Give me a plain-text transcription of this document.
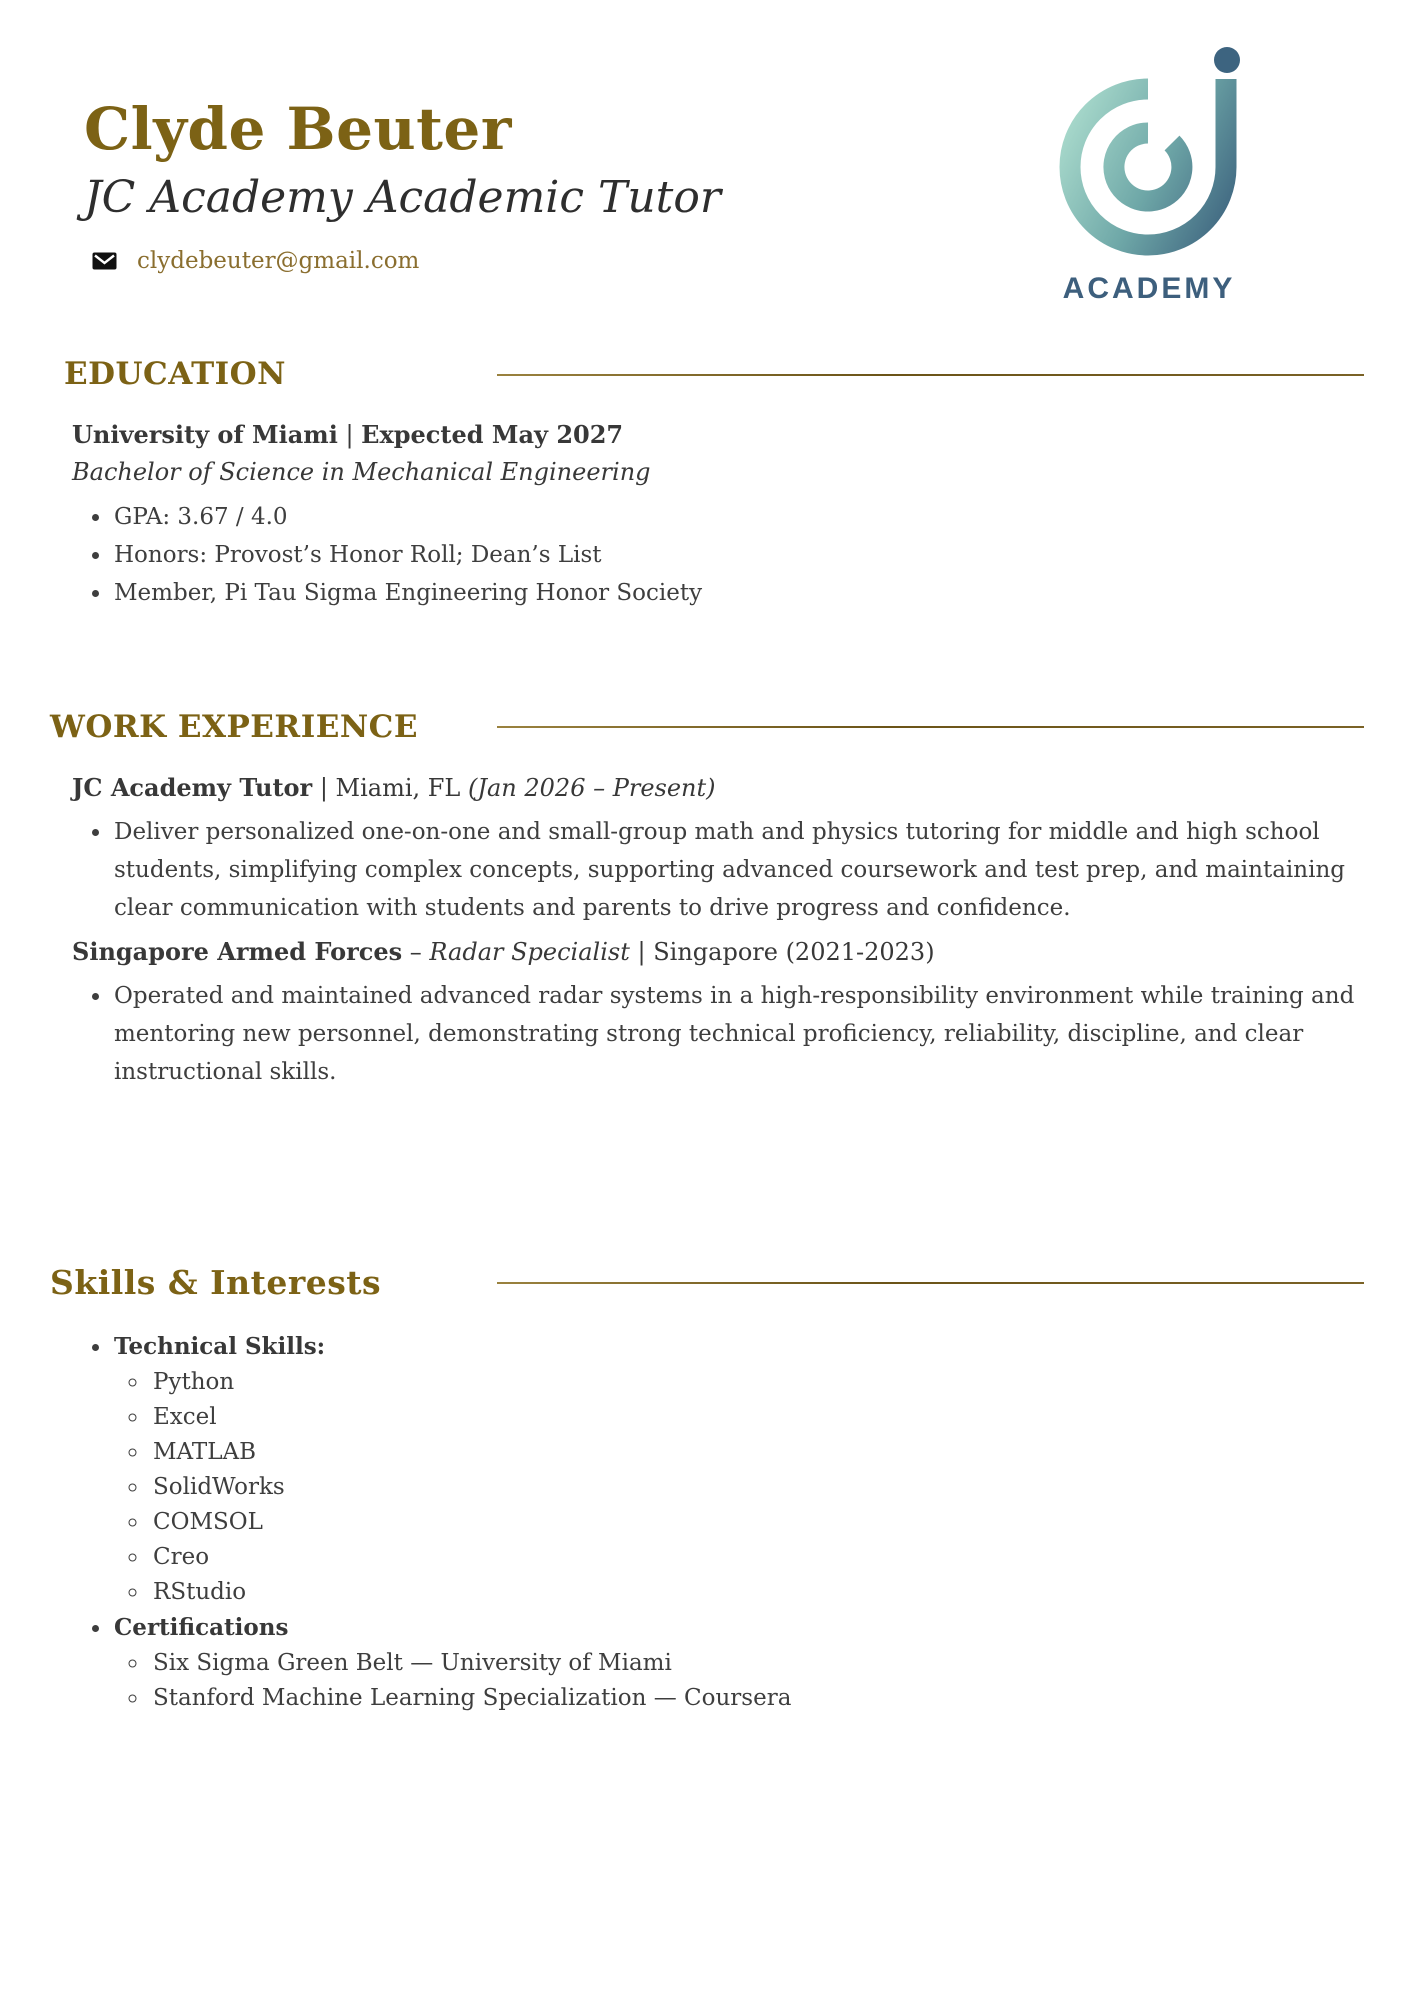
Clyde Beuter
JC Academy Academic Tutor
clydebeuter@gmail.com
ACADEMY
EDUCATION

University of Miami | Expected May 2027

Bachelor of Science in Mechanical Engineering

• GPA: 3.67 / 4.0
• Honors: Provost’s Honor Roll; Dean’s List
• Member, Pi Tau Sigma Engineering Honor Society
WORK EXPERIENCE

JC Academy Tutor | Miami, FL (Jan 2026 – Present)

• Deliver personalized one-on-one and small-group math and physics tutoring for middle and high school students, simplifying complex concepts, supporting advanced coursework and test prep, and maintaining clear communication with students and parents to drive progress and confidence.

Singapore Armed Forces – Radar Specialist | Singapore (2021-2023)

• Operated and maintained advanced radar systems in a high-responsibility environment while training and mentoring new personnel, demonstrating strong technical proficiency, reliability, discipline, and clear instructional skills.
Skills & Interests
• Technical Skills:
◦ Python
◦ Excel
◦ MATLAB
◦ SolidWorks
◦ COMSOL
◦ Creo
◦ RStudio
• Certifications
◦ Six Sigma Green Belt — University of Miami
◦ Stanford Machine Learning Specialization — Coursera
